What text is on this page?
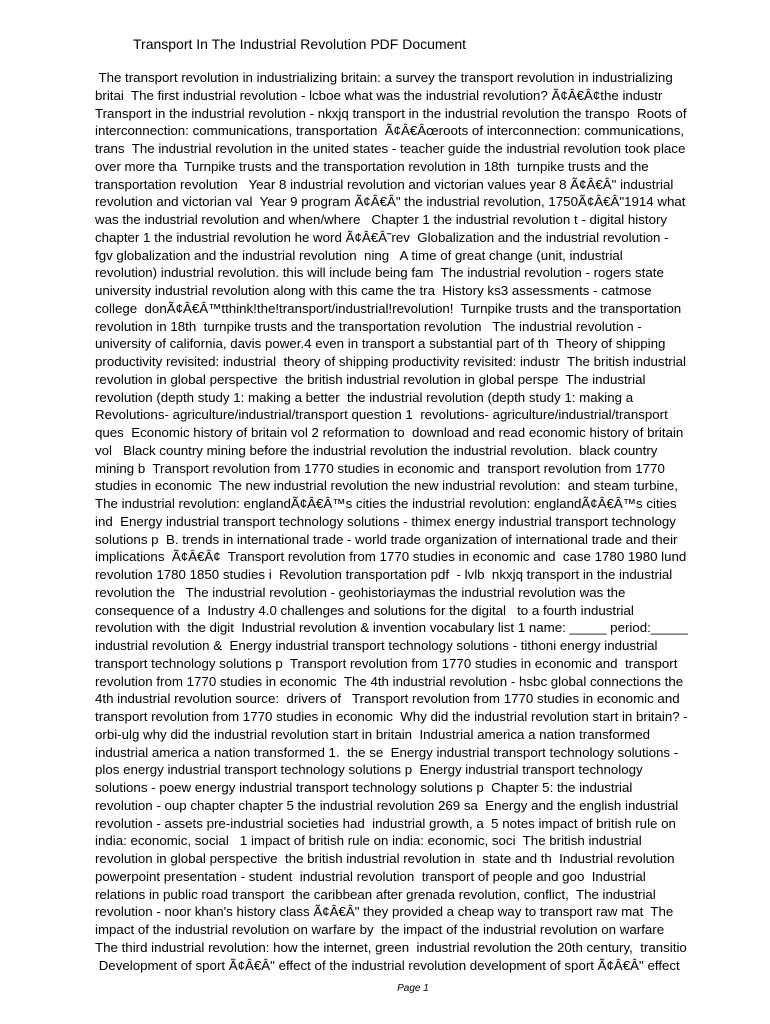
Transport In The Industrial Revolution PDF Document
The transport revolution in industrializing britain: a survey the transport revolution in industrializing
britai  The first industrial revolution - lcboe what was the industrial revolution? Ã¢Â€Â¢the industr
Transport in the industrial revolution - nkxjq transport in the industrial revolution the transpo  Roots of
interconnection: communications, transportation  Ã¢Â€Âœroots of interconnection: communications,
trans  The industrial revolution in the united states - teacher guide the industrial revolution took place
over more tha  Turnpike trusts and the transportation revolution in 18th  turnpike trusts and the
transportation revolution   Year 8 industrial revolution and victorian values year 8 Ã¢Â€Â" industrial
revolution and victorian val  Year 9 program Ã¢Â€Â" the industrial revolution, 1750Ã¢Â€Â"1914 what
was the industrial revolution and when/where   Chapter 1 the industrial revolution t - digital history
chapter 1 the industrial revolution he word Ã¢Â€Â˜rev  Globalization and the industrial revolution -
fgv globalization and the industrial revolution  ning   A time of great change (unit, industrial
revolution) industrial revolution. this will include being fam  The industrial revolution - rogers state
university industrial revolution along with this came the tra  History ks3 assessments - catmose
college  donÃ¢Â€Â™tthink!the!transport/industrial!revolution!  Turnpike trusts and the transportation
revolution in 18th  turnpike trusts and the transportation revolution   The industrial revolution -
university of california, davis power.4 even in transport a substantial part of th  Theory of shipping
productivity revisited: industrial  theory of shipping productivity revisited: industr  The british industrial
revolution in global perspective  the british industrial revolution in global perspe  The industrial
revolution (depth study 1: making a better  the industrial revolution (depth study 1: making a
Revolutions- agriculture/industrial/transport question 1  revolutions- agriculture/industrial/transport
ques  Economic history of britain vol 2 reformation to  download and read economic history of britain
vol   Black country mining before the industrial revolution the industrial revolution.  black country
mining b  Transport revolution from 1770 studies in economic and  transport revolution from 1770
studies in economic  The new industrial revolution the new industrial revolution:  and steam turbine,
The industrial revolution: englandÃ¢Â€Â™s cities the industrial revolution: englandÃ¢Â€Â™s cities
ind  Energy industrial transport technology solutions - thimex energy industrial transport technology
solutions p  B. trends in international trade - world trade organization of international trade and their
implications  Ã¢Â€Â¢  Transport revolution from 1770 studies in economic and  case 1780 1980 lund
revolution 1780 1850 studies i  Revolution transportation pdf  - lvlb  nkxjq transport in the industrial
revolution the   The industrial revolution - geohistoriaymas the industrial revolution was the
consequence of a  Industry 4.0 challenges and solutions for the digital   to a fourth industrial
revolution with  the digit  Industrial revolution & invention vocabulary list 1 name: _____ period:_____
industrial revolution &  Energy industrial transport technology solutions - tithoni energy industrial
transport technology solutions p  Transport revolution from 1770 studies in economic and  transport
revolution from 1770 studies in economic  The 4th industrial revolution - hsbc global connections the
4th industrial revolution source:  drivers of   Transport revolution from 1770 studies in economic and
transport revolution from 1770 studies in economic  Why did the industrial revolution start in britain? -
orbi-ulg why did the industrial revolution start in britain  Industrial america a nation transformed
industrial america a nation transformed 1.  the se  Energy industrial transport technology solutions -
plos energy industrial transport technology solutions p  Energy industrial transport technology
solutions - poew energy industrial transport technology solutions p  Chapter 5: the industrial
revolution - oup chapter chapter 5 the industrial revolution 269 sa  Energy and the english industrial
revolution - assets pre-industrial societies had  industrial growth, a  5 notes impact of british rule on
india: economic, social   1 impact of british rule on india: economic, soci  The british industrial
revolution in global perspective  the british industrial revolution in  state and th  Industrial revolution
powerpoint presentation - student  industrial revolution  transport of people and goo  Industrial
relations in public road transport  the caribbean after grenada revolution, conflict,  The industrial
revolution - noor khan's history class Ã¢Â€Â" they provided a cheap way to transport raw mat  The
impact of the industrial revolution on warfare by  the impact of the industrial revolution on warfare
The third industrial revolution: how the internet, green  industrial revolution the 20th century,  transitio
Development of sport Ã¢Â€Â" effect of the industrial revolution development of sport Ã¢Â€Â" effect
Page 1
